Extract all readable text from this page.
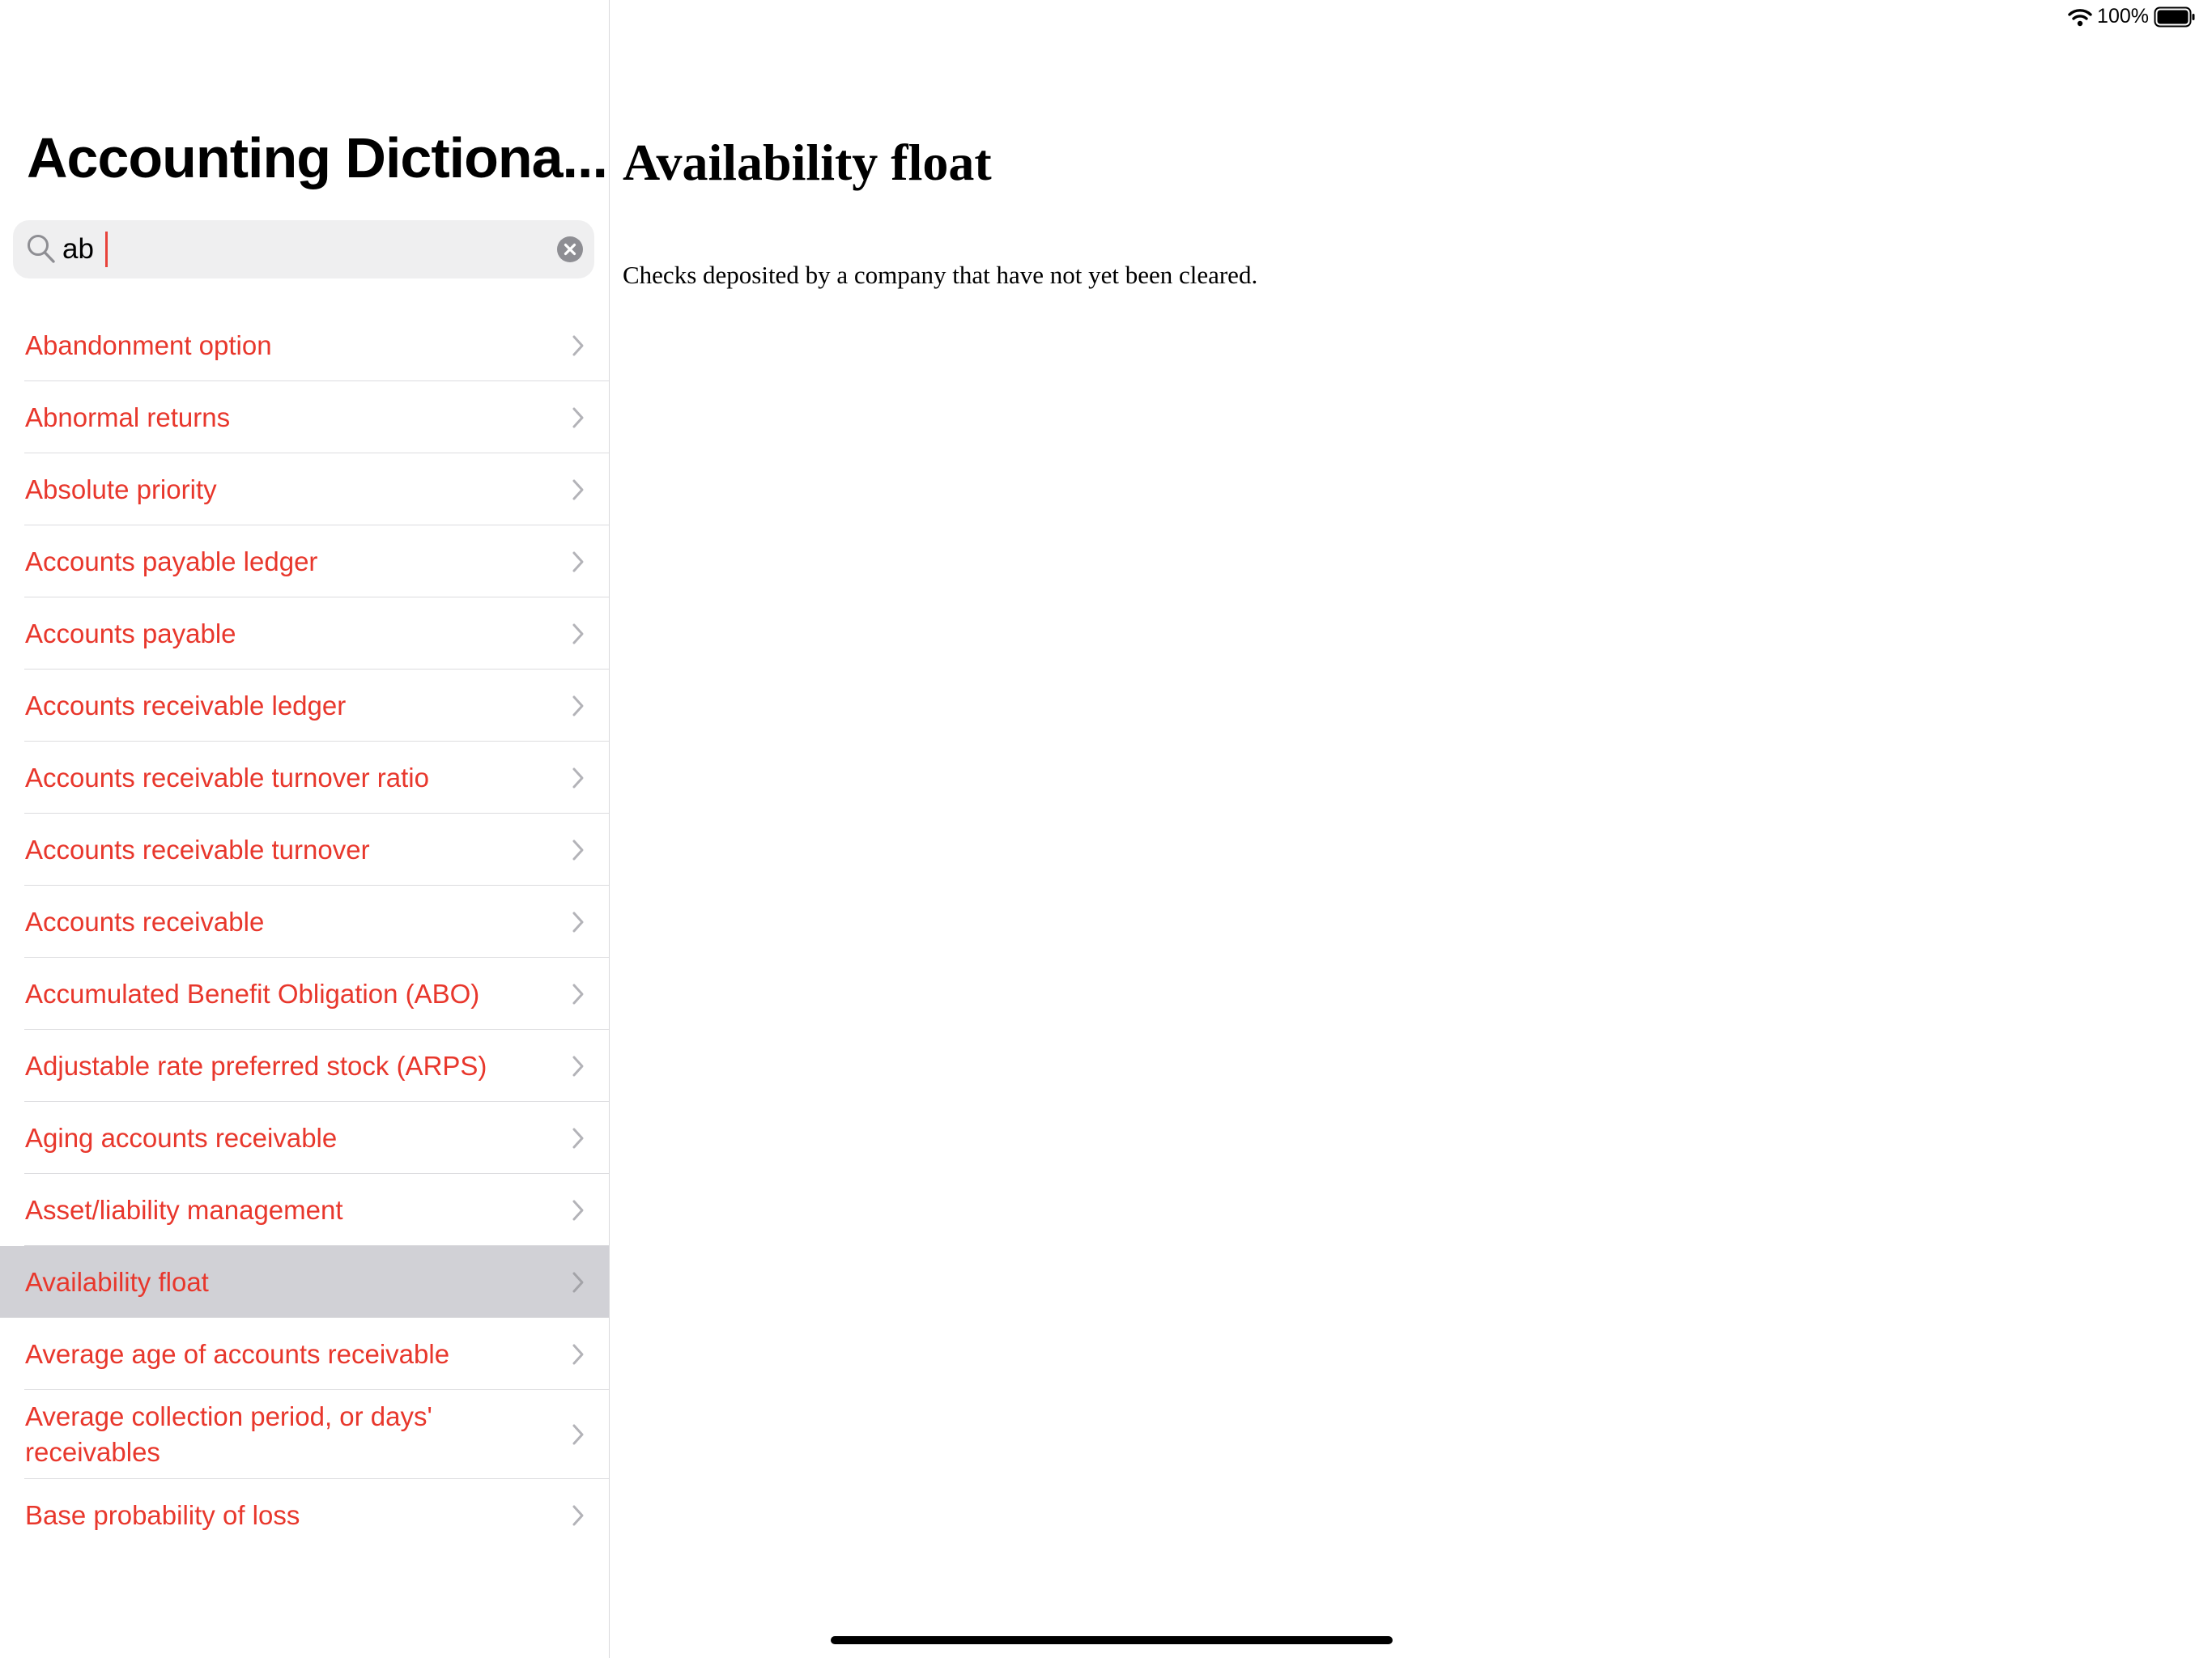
100%
Accounting Dictiona...
ab
Abandonment option
Abnormal returns
Absolute priority
Accounts payable ledger
Accounts payable
Accounts receivable ledger
Accounts receivable turnover ratio
Accounts receivable turnover
Accounts receivable
Accumulated Benefit Obligation (ABO)
Adjustable rate preferred stock (ARPS)
Aging accounts receivable
Asset/liability management
Availability float
Average age of accounts receivable
Average collection period, or days' receivables
Base probability of loss
Availability float

Checks deposited by a company that have not yet been cleared.
